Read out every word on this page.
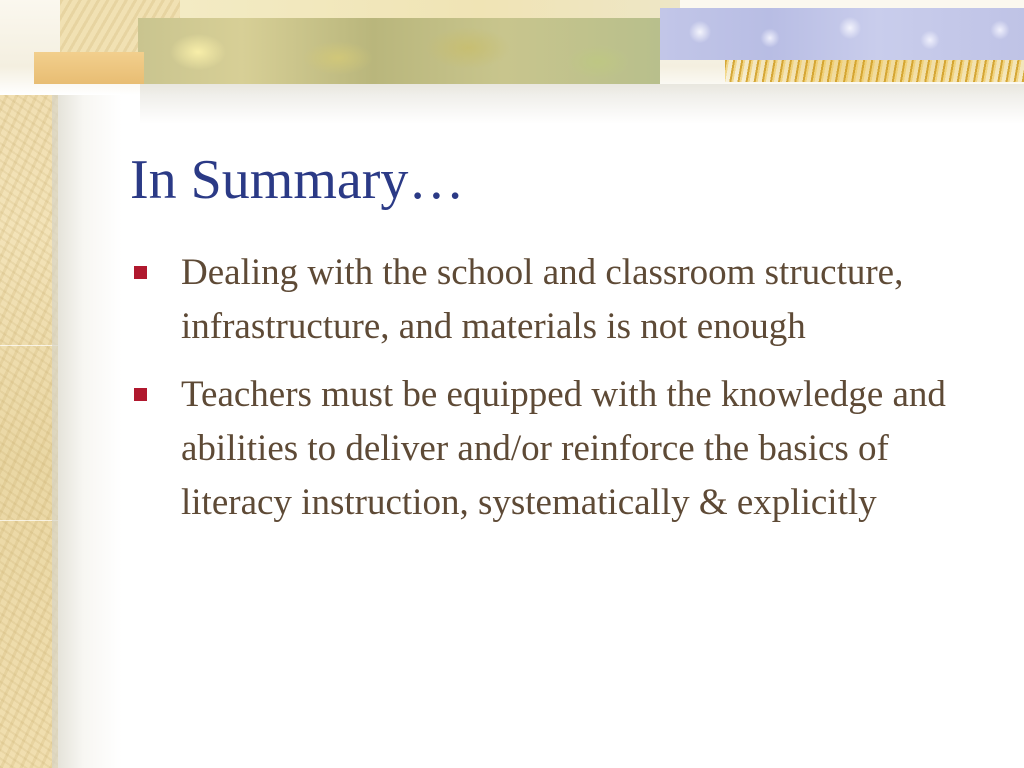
In Summary…
Dealing with the school and classroom structure, infrastructure, and materials is not enough
Teachers must be equipped with the knowledge and abilities to deliver and/or reinforce the basics of literacy instruction, systematically & explicitly
